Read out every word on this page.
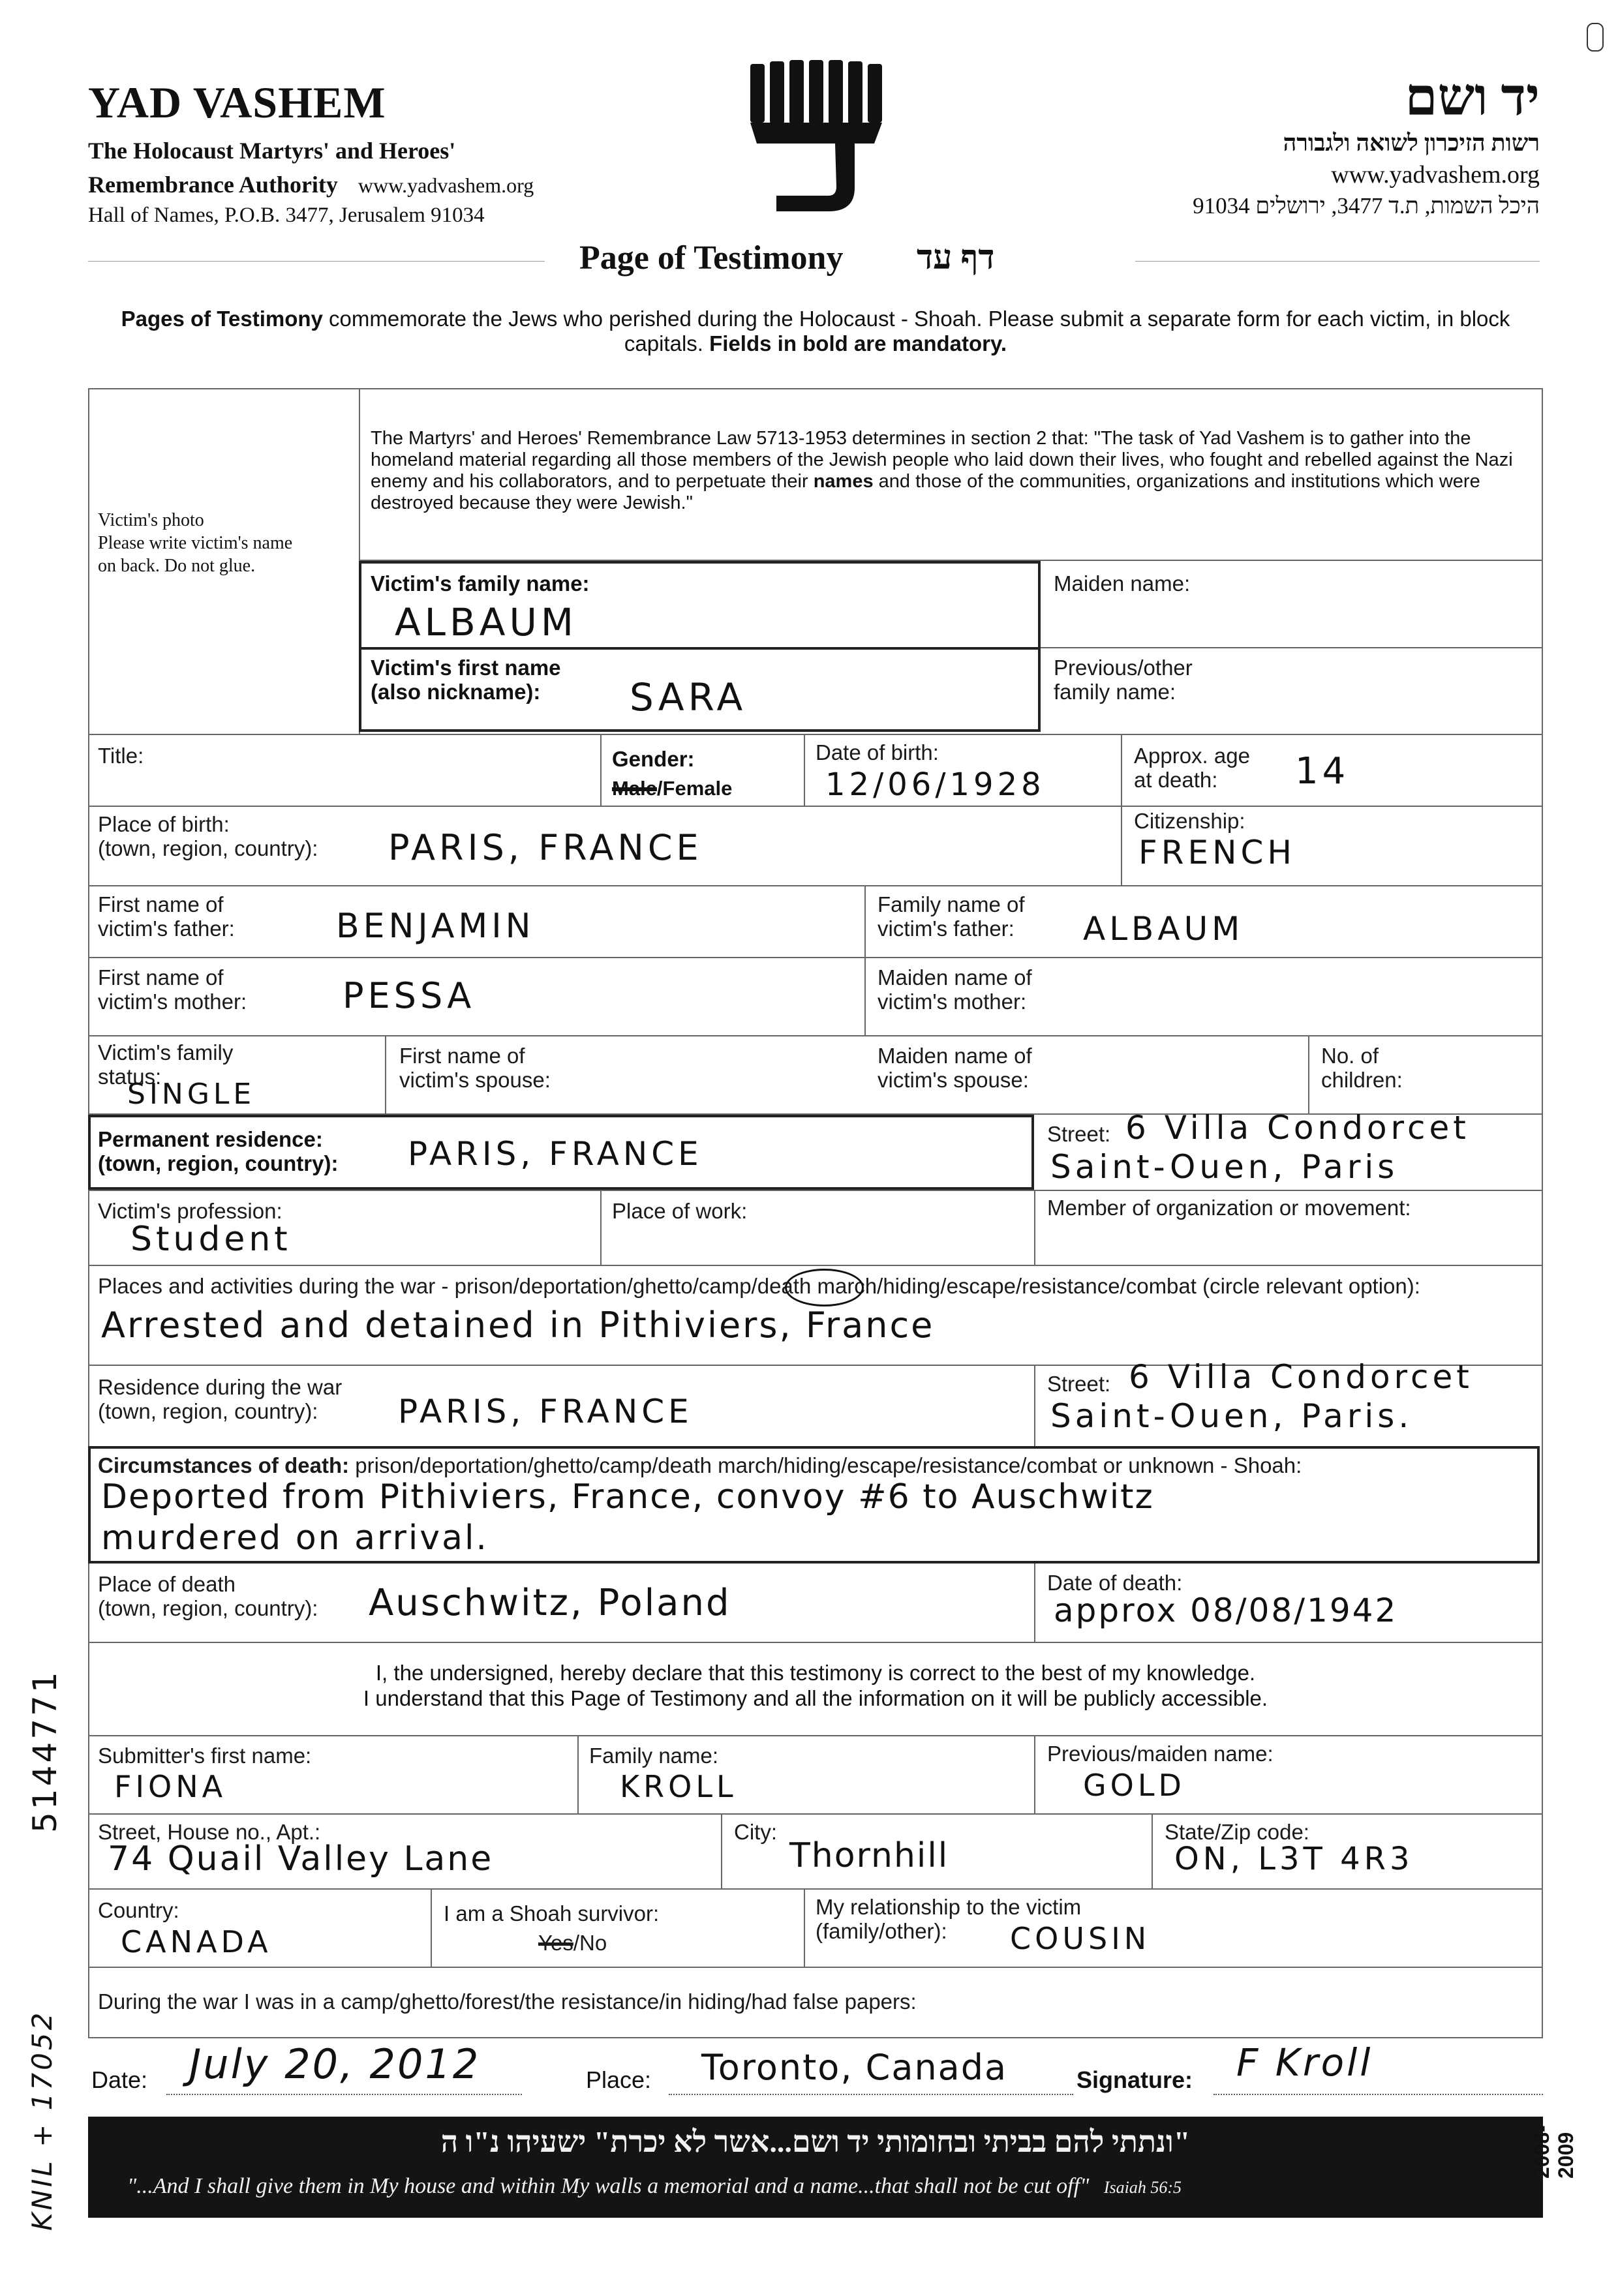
YAD VASHEM
The Holocaust Martyrs' and Heroes'
Remembrance Authority www.yadvashem.org
Hall of Names, P.O.B. 3477, Jerusalem 91034
יד ושם
רשות הזיכרון לשואה ולגבורה
www.yadvashem.org
היכל השמות, ת.ד 3477, ירושלים 91034
Page of Testimony דף עד
Pages of Testimony commemorate the Jews who perished during the Holocaust - Shoah. Please submit a separate form for each victim, in block capitals. Fields in bold are mandatory.
Victim's photo
Please write victim's name
on back. Do not glue.
The Martyrs' and Heroes' Remembrance Law 5713-1953 determines in section 2 that: "The task of Yad Vashem is to gather into the homeland material regarding all those members of the Jewish people who laid down their lives, who fought and rebelled against the Nazi enemy and his collaborators, and to perpetuate their names and those of the communities, organizations and institutions which were destroyed because they were Jewish."
Victim's family name:
ALBAUM
Maiden name:
Victim's first name
(also nickname): SARA
Previous/other
family name:
Title:	Gender:
Male/Female
Date of birth:
12/06/1928
Approx. age
at death: 14
Place of birth:
(town, region, country): PARIS, FRANCE
Citizenship:
FRENCH
First name of
victim's father:	BENJAMIN
Family name of
victim's father: ALBAUM
First name of
victim's mother:	PESSA	Maiden name of
victim's mother:
Victim's family
status:
SINGLE
First name of
victim's spouse:
Maiden name of
victim's spouse:
No. of
children:
Permanent residence:
(town, region, country): PARIS, FRANCE
Street: 6 Villa Condorcet
Saint-Ouen, Paris
Victim's profession:
Student
Place of work:	Member of organization or movement:
Places and activities during the war - prison/deportation/ghetto/camp/death march/hiding/escape/resistance/combat (circle relevant option):
Arrested and detained in Pithiviers, France
Residence during the war
(town, region, country): PARIS, FRANCE
Street: 6 Villa Condorcet
Saint-Ouen, Paris.
Circumstances of death: prison/deportation/ghetto/camp/death march/hiding/escape/resistance/combat or unknown - Shoah:
Deported from Pithiviers, France, convoy #6 to Auschwitz
murdered on arrival.
Place of death
(town, region, country): Auschwitz, Poland	Date of death:
approx 08/08/1942
I, the undersigned, hereby declare that this testimony is correct to the best of my knowledge.
I understand that this Page of Testimony and all the information on it will be publicly accessible.
Submitter's first name:
FIONA
Family name:
KROLL
Previous/maiden name:
GOLD
Street, House no., Apt.:
74 Quail Valley Lane
City:
Thornhill
State/Zip code:
ON, L3T 4R3
Country:
CANADA
I am a Shoah survivor:
Yes/No
My relationship to the victim
(family/other): COUSIN
During the war I was in a camp/ghetto/forest/the resistance/in hiding/had false papers:
Date: July 20, 2012	Place: Toronto, Canada	Signature: F Kroll
"ונתתי להם בביתי ובחומותי יד ושם...אשר לא יכרת" ישעיהו נ"ו ה
"...And I shall give them in My house and within My walls a memorial and a name...that shall not be cut off" Isaiah 56:5
2008-2009
5144771
KNIL + 17052
